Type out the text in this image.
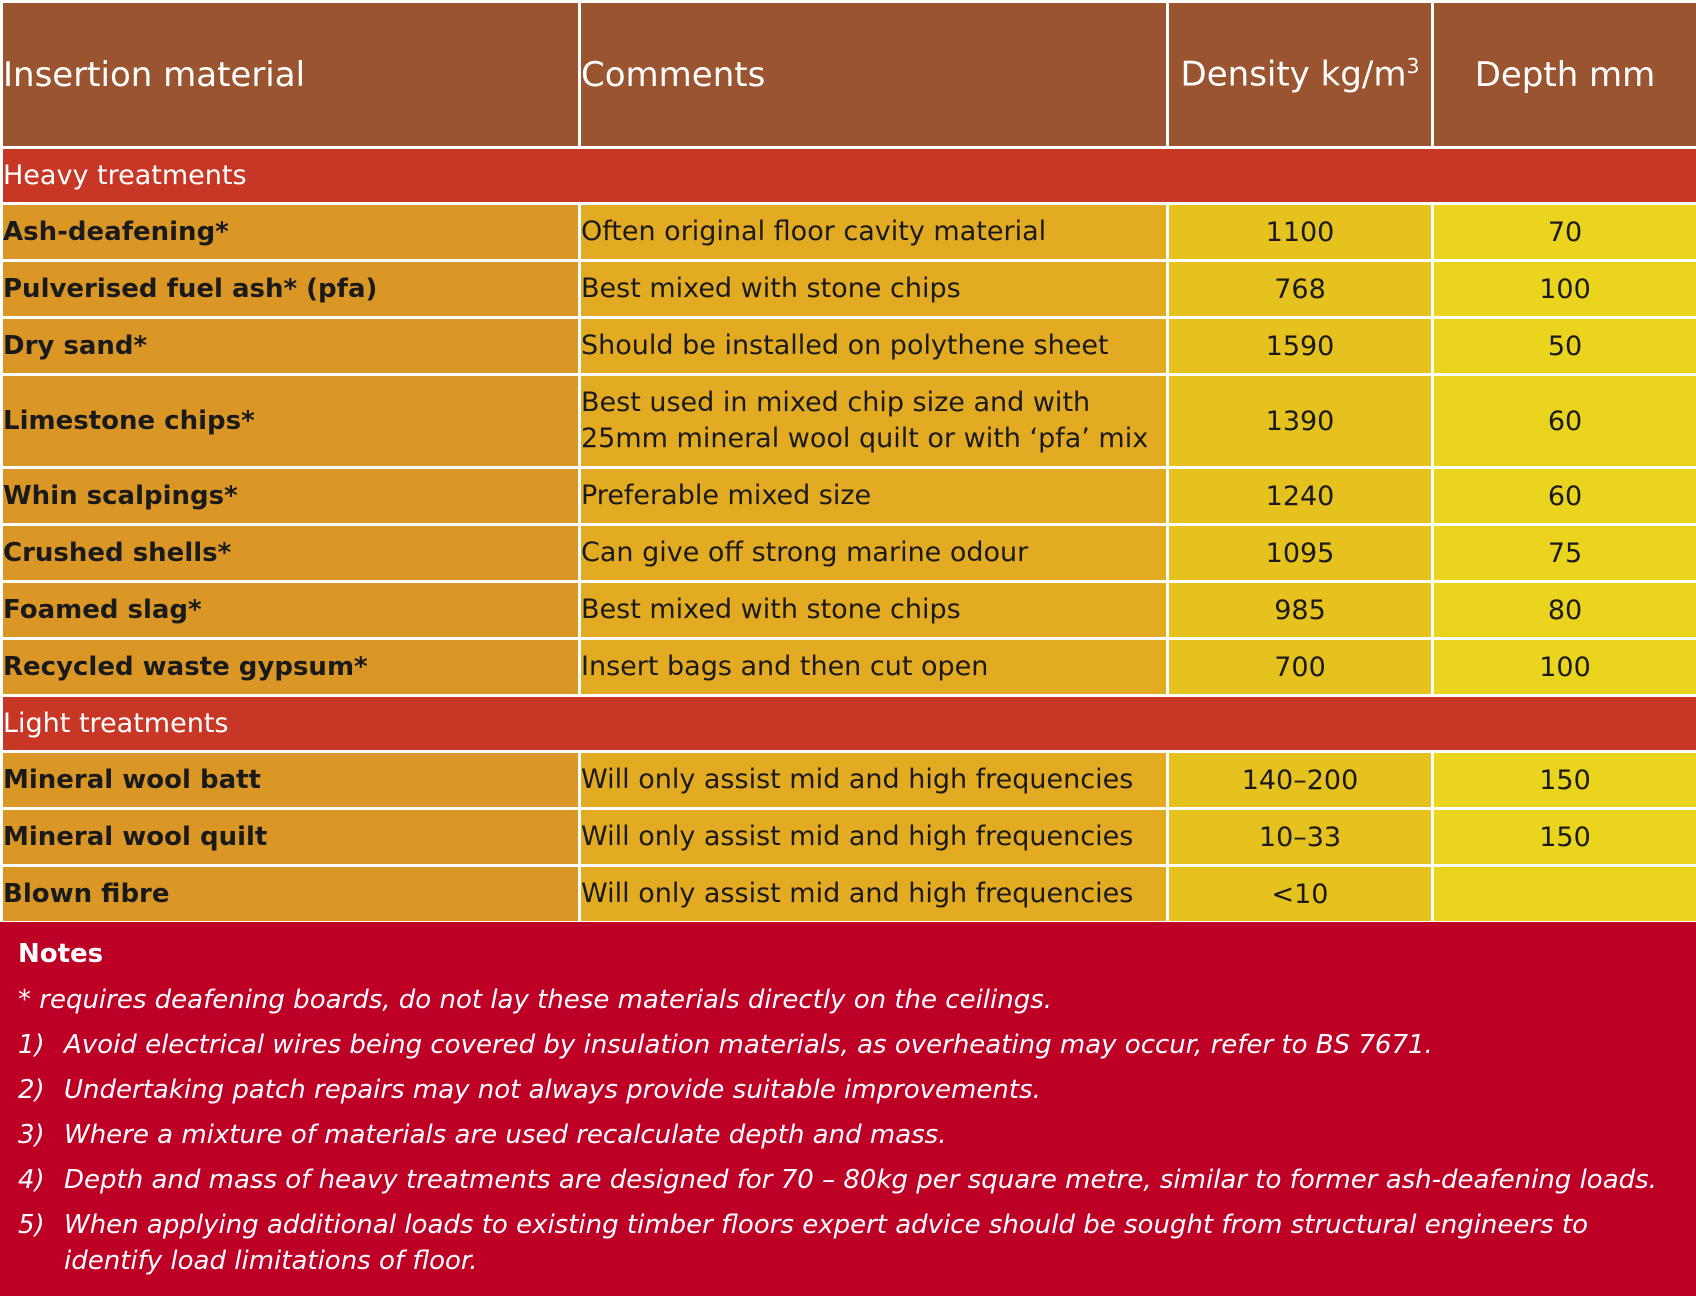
Insertion material	Comments	Density $kg/m^3$	Depth mm
Heavy treatments			
Ash-deafening*	Often original floor cavity material	1100	70
Pulverised fuel ash* (pfa)	Best mixed with stone chips	768	100
Dry sand*	Should be installed on polythene sheet	1590	50
Limestone chips*	Best used in mixed chip size and with
25mm mineral wool quilt or with ‘pfa’ mix	1390	60
Whin scalpings*	Preferable mixed size	1240	60
Crushed shells*	Can give off strong marine odour	1095	75
Foamed slag*	Best mixed with stone chips	985	80
Recycled waste gypsum*	Insert bags and then cut open	700	100
Light treatments			
Mineral wool batt	Will only assist mid and high frequencies	140–200	150
Mineral wool quilt	Will only assist mid and high frequencies	10–33	150
Blown fibre	Will only assist mid and high frequencies	<10	
Notes
* requires deafening boards, do not lay these materials directly on the ceilings.
1) Avoid electrical wires being covered by insulation materials, as overheating may occur, refer to BS 7671.
2) Undertaking patch repairs may not always provide suitable improvements.
3) Where a mixture of materials are used recalculate depth and mass.
4) Depth and mass of heavy treatments are designed for 70 – 80kg per square metre, similar to former ash-deafening loads.
5) When applying additional loads to existing timber floors expert advice should be sought from structural engineers to identify load limitations of floor.
